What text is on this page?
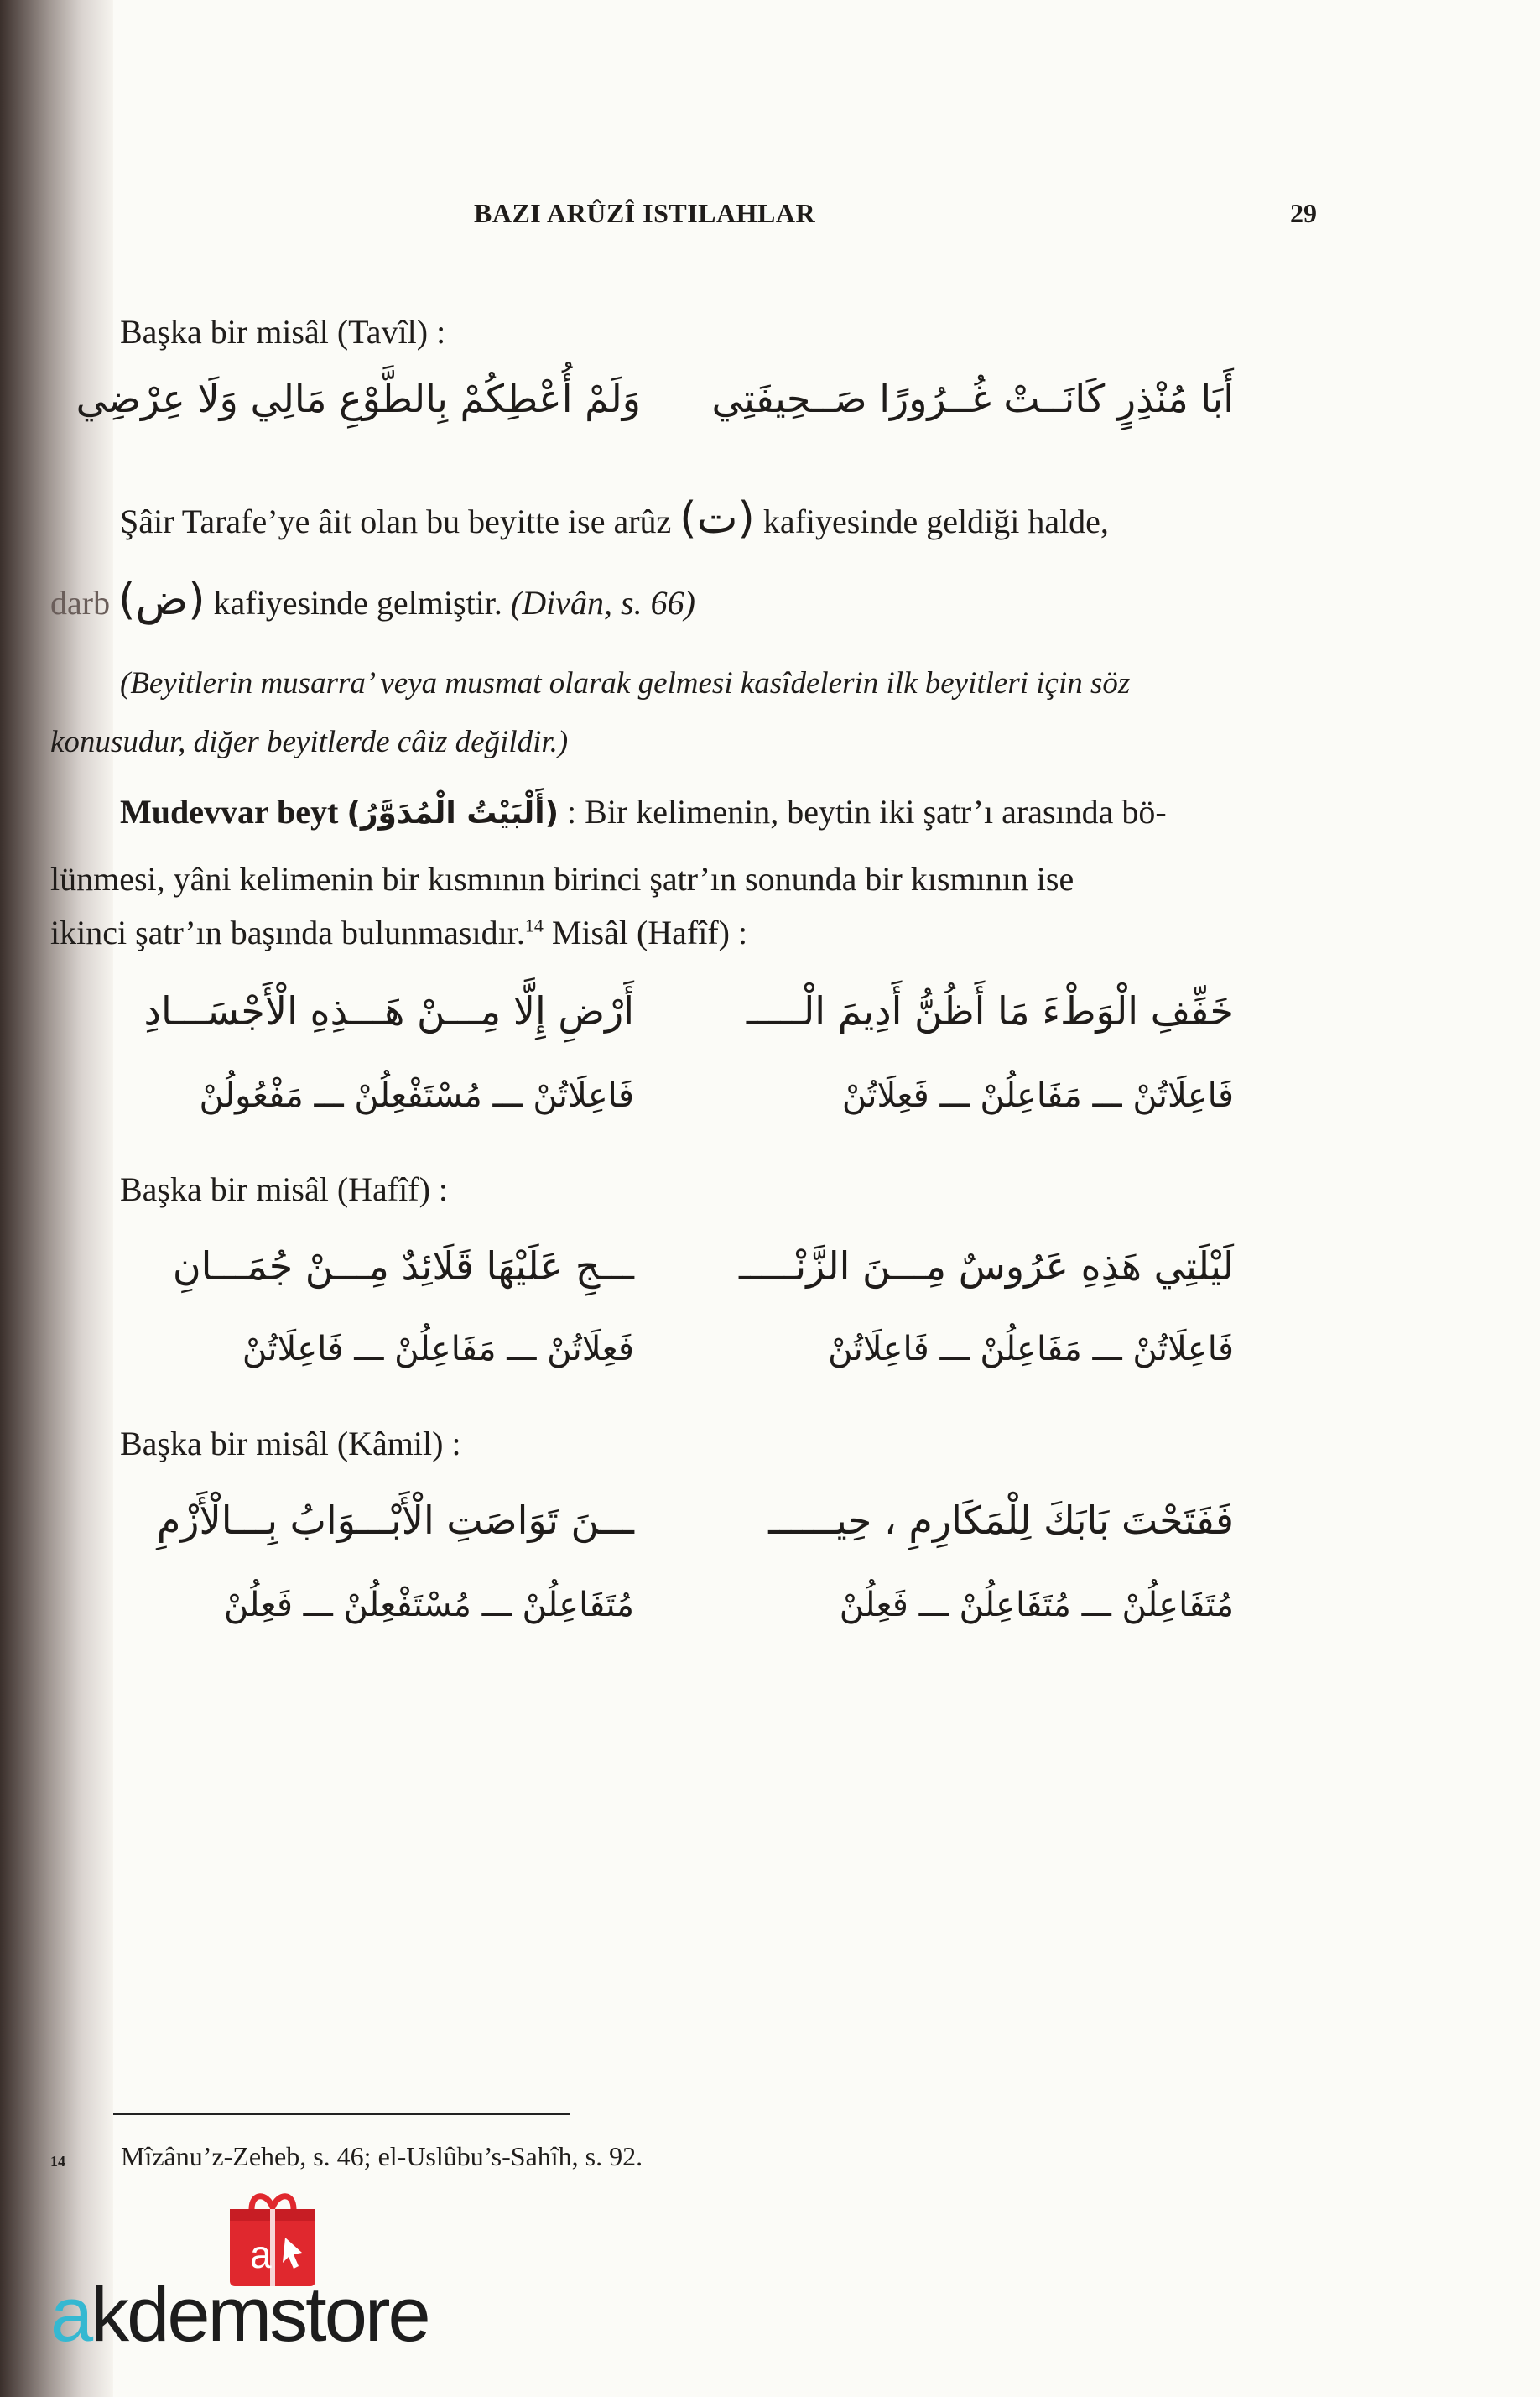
BAZI ARÛZÎ ISTILAHLAR	29
Başka bir misâl (Tavîl) :
أَبَا مُنْذِرٍ كَانَــتْ غُــرُورًا صَــحِيفَتِي
وَلَمْ أُعْطِكُمْ بِالطَّوْعِ مَالِي وَلَا عِرْضِي
Şâir Tarafe’ye âit olan bu beyitte ise arûz (ت) kafiyesinde geldiği halde,
darb (ض) kafiyesinde gelmiştir. (Divân, s. 66)
(Beyitlerin musarra’ veya musmat olarak gelmesi kasîdelerin ilk beyitleri için söz
konusudur, diğer beyitlerde câiz değildir.)
Mudevvar beyt (أَلْبَيْتُ الْمُدَوَّرُ) : Bir kelimenin, beytin iki şatr’ı arasında bö-
lünmesi, yâni kelimenin bir kısmının birinci şatr’ın sonunda bir kısmının ise
ikinci şatr’ın başında bulunmasıdır.$^{14}$ Misâl (Hafîf) :
خَفِّفِ الْوَطْءَ مَا أَظُنُّ أَدِيمَ الْـــــ
أَرْضِ إِلَّا مِـــنْ هَـــذِهِ الْأَجْسَـــادِ
فَاعِلَاتُنْ ـــ مَفَاعِلُنْ ـــ فَعِلَاتُنْ
فَاعِلَاتُنْ ـــ مُسْتَفْعِلُنْ ـــ مَفْعُولُنْ
Başka bir misâl (Hafîf) :
لَيْلَتِي هَذِهِ عَرُوسٌ مِـــنَ الزَّنْـــــ
ـــجِ عَلَيْهَا قَلَائِدٌ مِـــنْ جُمَـــانِ
فَاعِلَاتُنْ ـــ مَفَاعِلُنْ ـــ فَاعِلَاتُنْ
فَعِلَاتُنْ ـــ مَفَاعِلُنْ ـــ فَاعِلَاتُنْ
Başka bir misâl (Kâmil) :
فَفَتَحْتَ بَابَكَ لِلْمَكَارِمِ ، حِيــــــ
ـــنَ تَوَاصَتِ الْأَبْـــوَابُ بِـــالْأَزْمِ
مُتَفَاعِلُنْ ـــ مُتَفَاعِلُنْ ـــ فَعِلُنْ
مُتَفَاعِلُنْ ـــ مُسْتَفْعِلُنْ ـــ فَعِلُنْ
14 Mîzânu’z-Zeheb, s. 46; el-Uslûbu’s-Sahîh, s. 92.
a
akdemstore
